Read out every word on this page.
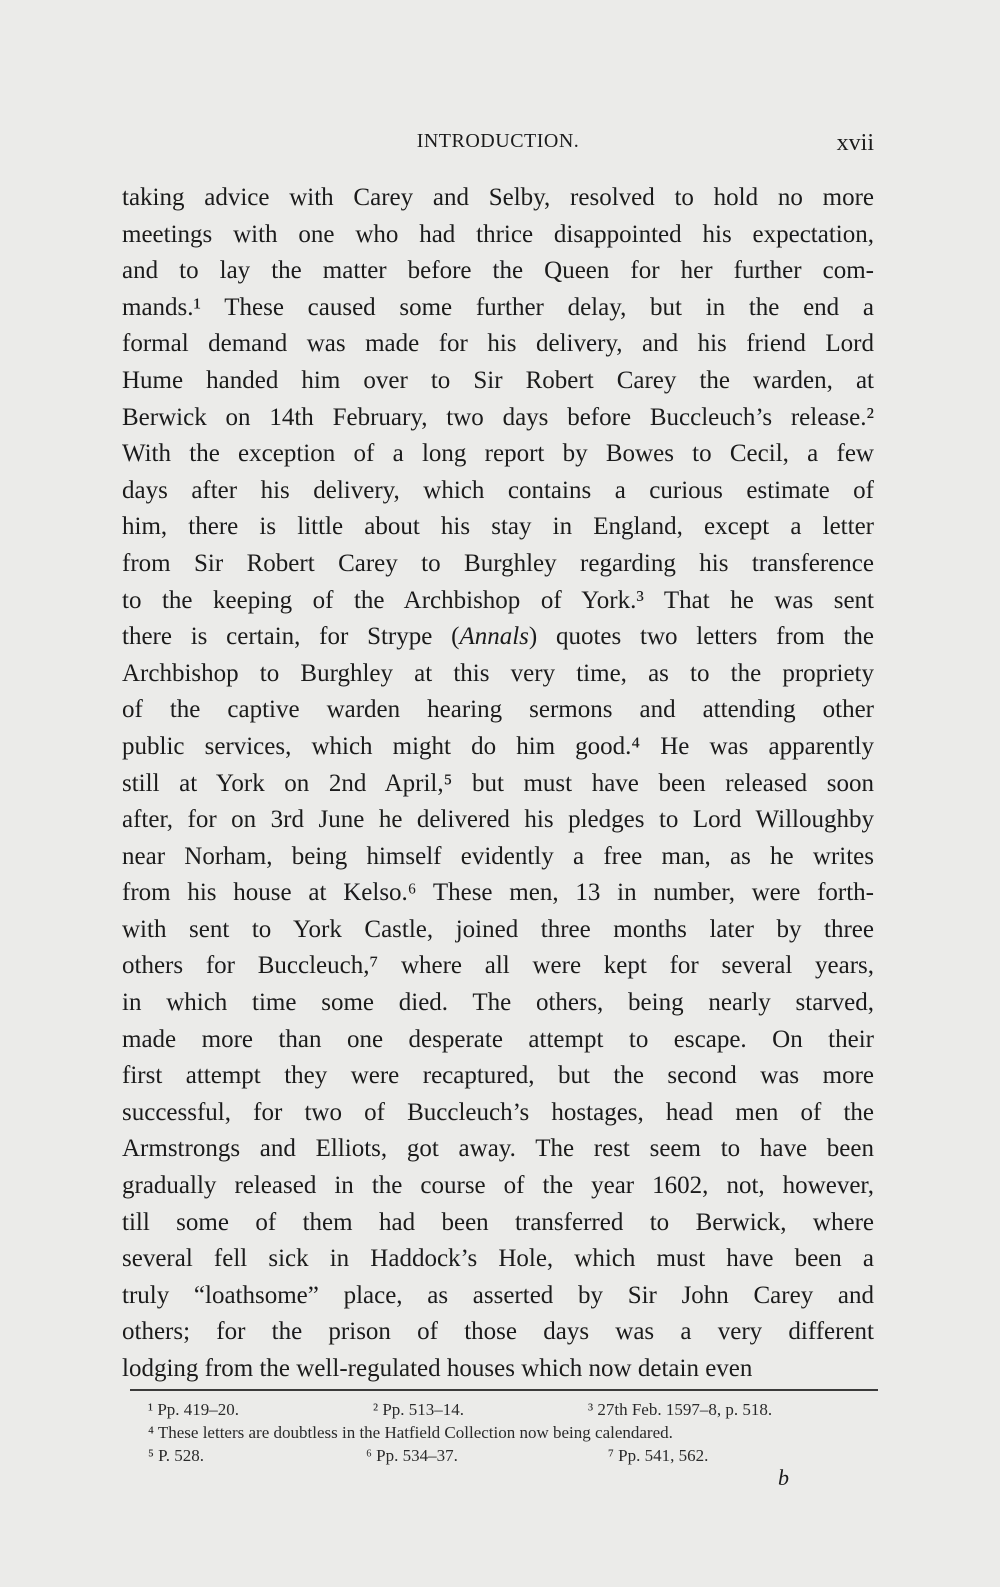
INTRODUCTION.	xvii
taking advice with Carey and Selby, resolved to hold no more
meetings with one who had thrice disappointed his expectation,
and to lay the matter before the Queen for her further com-
mands.¹ These caused some further delay, but in the end a
formal demand was made for his delivery, and his friend Lord
Hume handed him over to Sir Robert Carey the warden, at
Berwick on 14th February, two days before Buccleuch’s release.²
With the exception of a long report by Bowes to Cecil, a few
days after his delivery, which contains a curious estimate of
him, there is little about his stay in England, except a letter
from Sir Robert Carey to Burghley regarding his transference
to the keeping of the Archbishop of York.³ That he was sent
there is certain, for Strype (Annals) quotes two letters from the
Archbishop to Burghley at this very time, as to the propriety
of the captive warden hearing sermons and attending other
public services, which might do him good.⁴ He was apparently
still at York on 2nd April,⁵ but must have been released soon
after, for on 3rd June he delivered his pledges to Lord Willoughby
near Norham, being himself evidently a free man, as he writes
from his house at Kelso.⁶ These men, 13 in number, were forth-
with sent to York Castle, joined three months later by three
others for Buccleuch,⁷ where all were kept for several years,
in which time some died. The others, being nearly starved,
made more than one desperate attempt to escape. On their
first attempt they were recaptured, but the second was more
successful, for two of Buccleuch’s hostages, head men of the
Armstrongs and Elliots, got away. The rest seem to have been
gradually released in the course of the year 1602, not, however,
till some of them had been transferred to Berwick, where
several fell sick in Haddock’s Hole, which must have been a
truly “loathsome” place, as asserted by Sir John Carey and
others; for the prison of those days was a very different
lodging from the well-regulated houses which now detain even
¹ Pp. 419–20.	² Pp. 513–14.	³ 27th Feb. 1597–8, p. 518.
⁴ These letters are doubtless in the Hatfield Collection now being calendared.
⁵ P. 528.	⁶ Pp. 534–37.	⁷ Pp. 541, 562.
b
